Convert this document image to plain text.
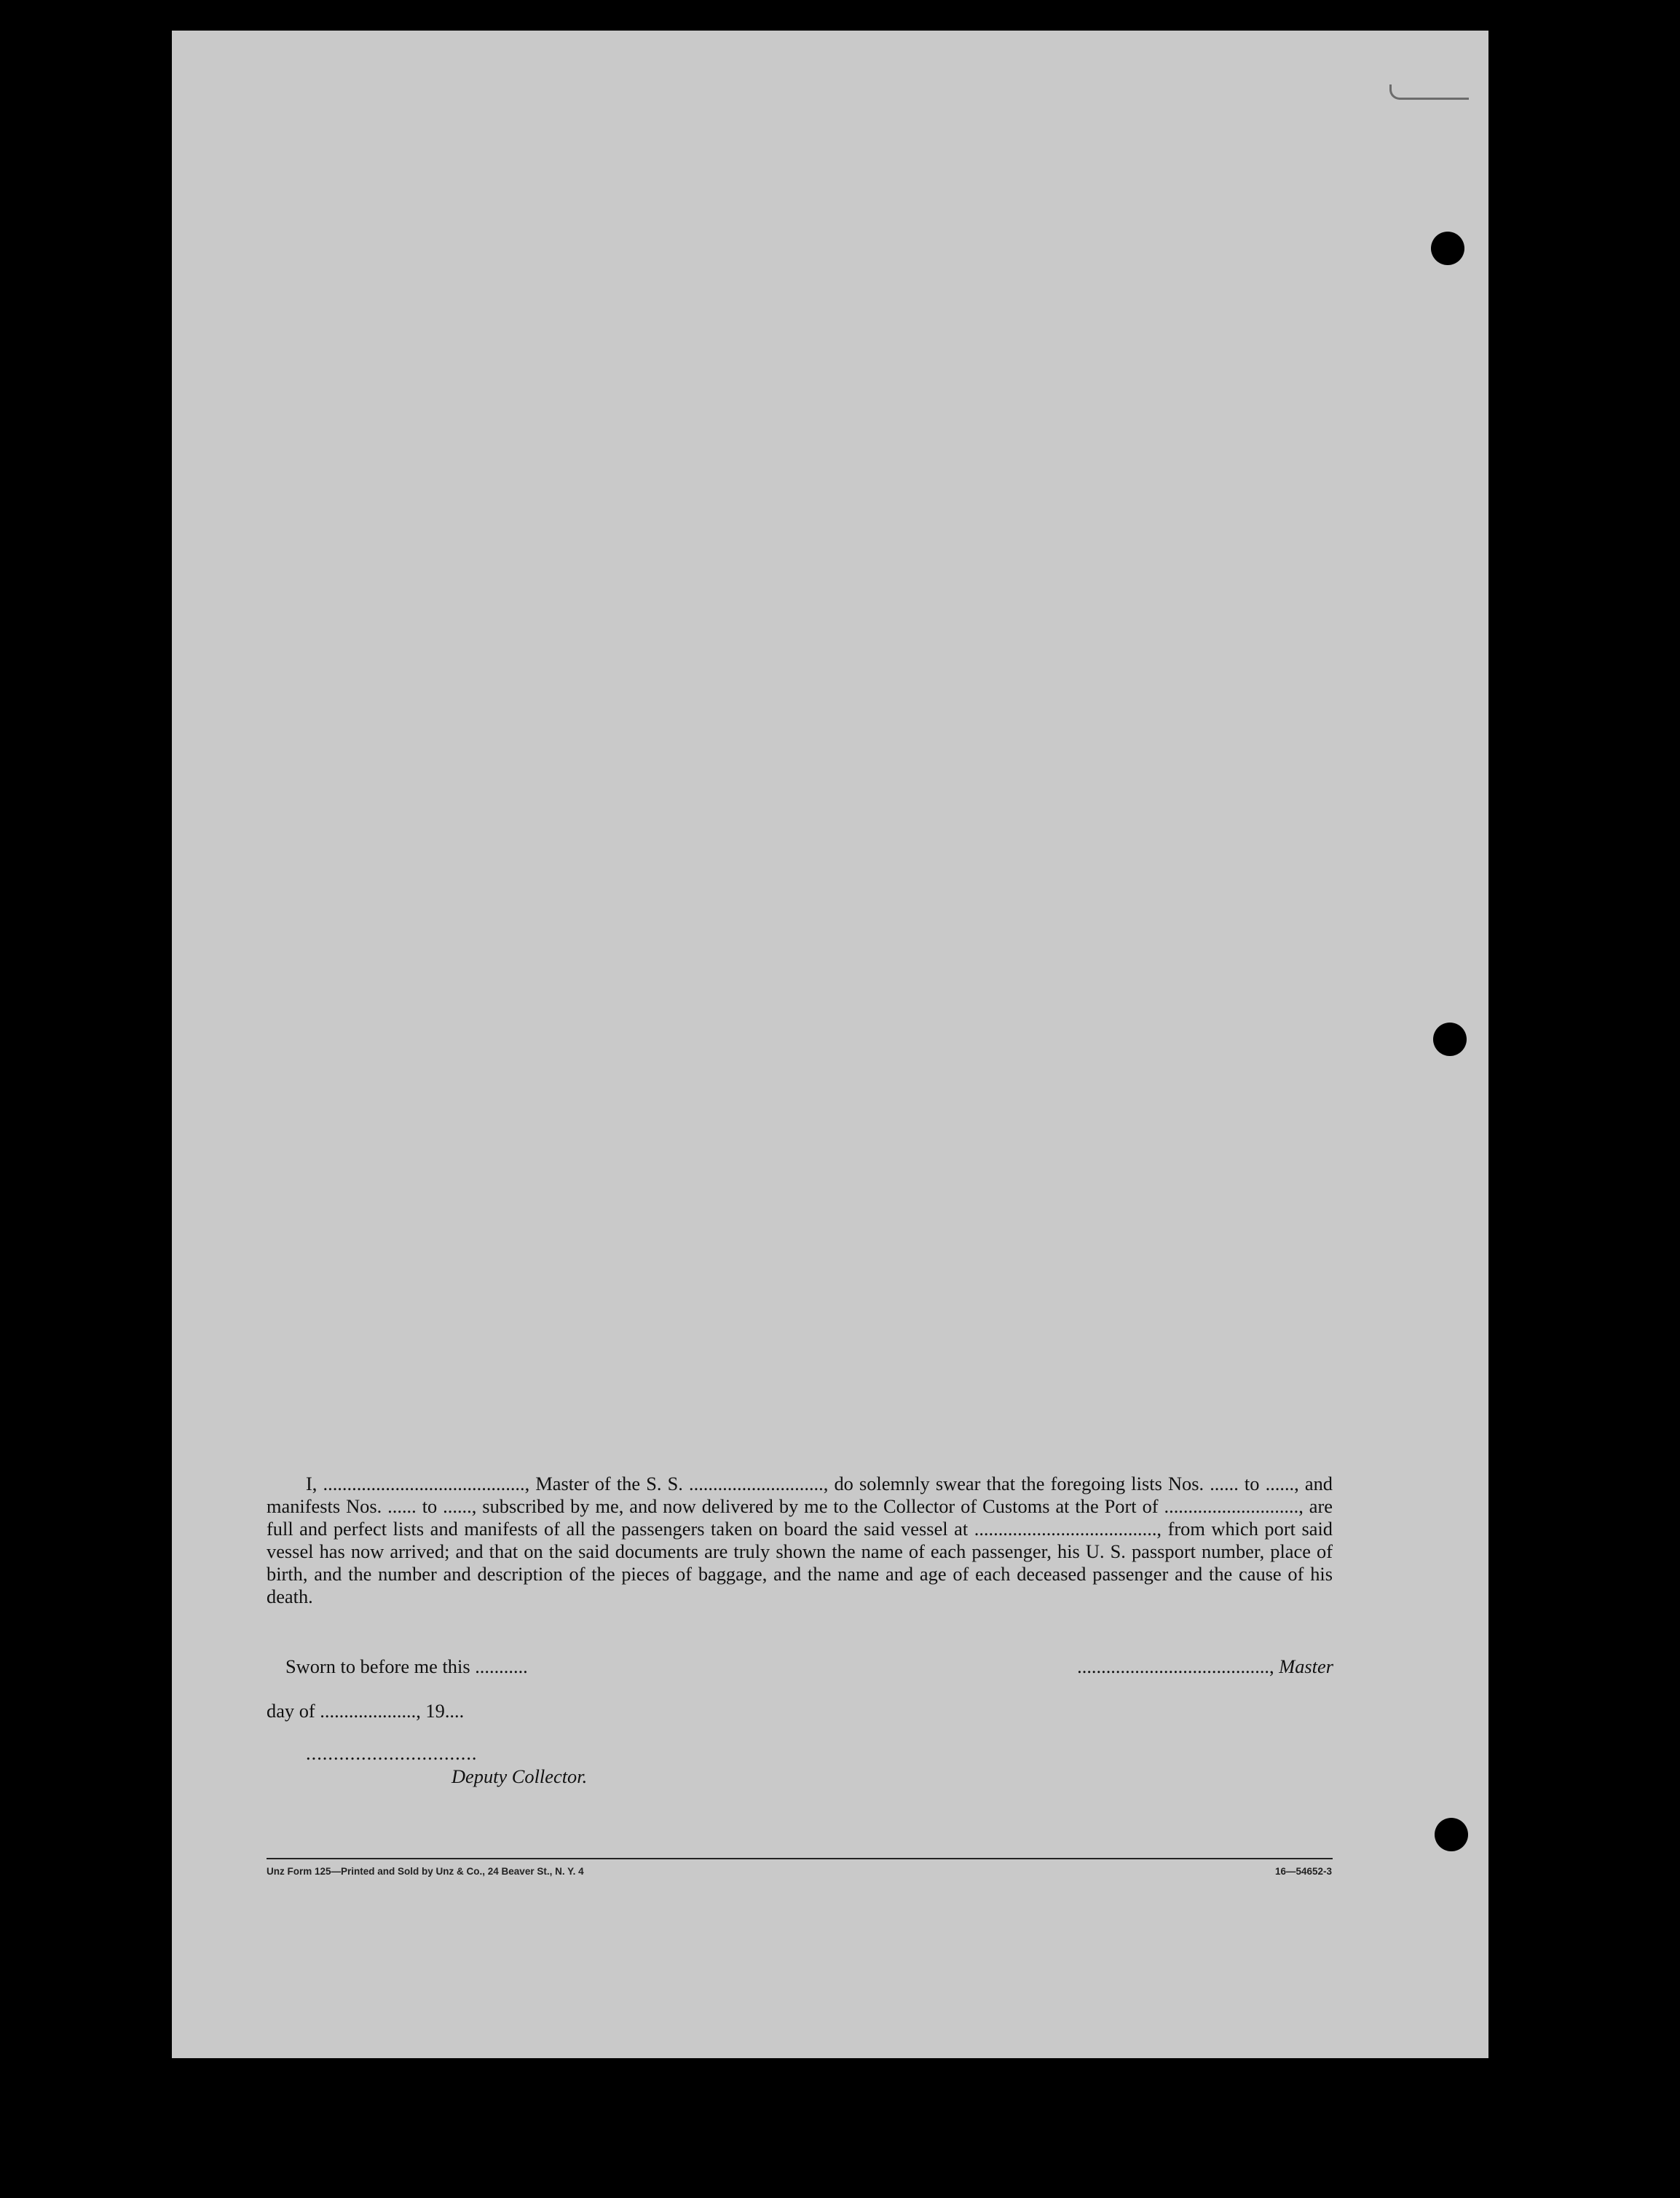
I, .........................................., Master of the S. S. ............................, do solemnly swear that the foregoing lists Nos. ...... to ......, and manifests Nos. ...... to ......, subscribed by me, and now delivered by me to the Collector of Customs at the Port of ............................, are full and perfect lists and manifests of all the passengers taken on board the said vessel at ......................................, from which port said vessel has now arrived; and that on the said documents are truly shown the name of each passenger, his U. S. passport number, place of birth, and the number and description of the pieces of baggage, and the name and age of each deceased passenger and the cause of his death.
Sworn to before me this ...........	........................................, Master
day of ...................., 19....
...............................
Deputy Collector.
Unz Form 125—Printed and Sold by Unz & Co., 24 Beaver St., N. Y. 4	16—54652-3
